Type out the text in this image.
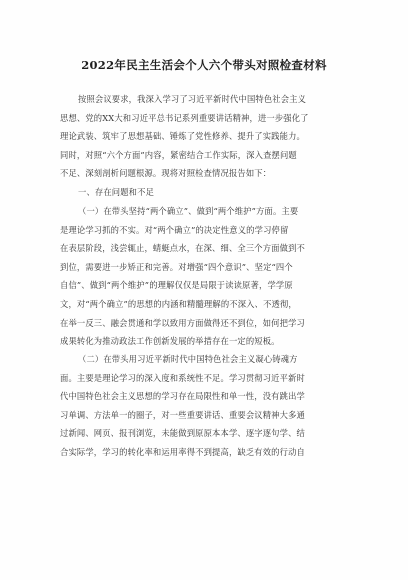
2022年民主生活会个人六个带头对照检查材料
按照会议要求，我深入学习了习近平新时代中国特色社会主义
思想、党的XX大和习近平总书记系列重要讲话精神，进一步强化了
理论武装、筑牢了思想基础、锤炼了党性修养、提升了实践能力。
同时，对照“六个方面”内容，紧密结合工作实际，深入查摆问题
不足、深刻剖析问题根源。现将对照检查情况报告如下：
一、存在问题和不足
（一）在带头坚持“两个确立”、做到“两个维护”方面。主要
是理论学习抓的不实。对“两个确立”的决定性意义的学习停留
在表层阶段，浅尝辄止，蜻蜓点水，在深、细、全三个方面做到不
到位，需要进一步矫正和完善。对增强“四个意识”、坚定“四个
自信”、做到“两个维护”的理解仅仅是局限于读读原著，学学原
文，对“两个确立”的思想的内涵和精髓理解的不深入、不透彻，
在举一反三、融会贯通和学以致用方面做得还不到位，如何把学习
成果转化为推动政法工作创新发展的举措存在一定的短板。
（二）在带头用习近平新时代中国特色社会主义凝心铸魂方
面。主要是理论学习的深入度和系统性不足。学习贯彻习近平新时
代中国特色社会主义思想的学习存在局限性和单一性，没有跳出学
习单调、方法单一的圈子，对一些重要讲话、重要会议精神大多通
过新闻、网页、报刊浏览，未能做到原原本本学、逐字逐句学、结
合实际学，学习的转化率和运用率得不到提高，缺乏有效的行动自
